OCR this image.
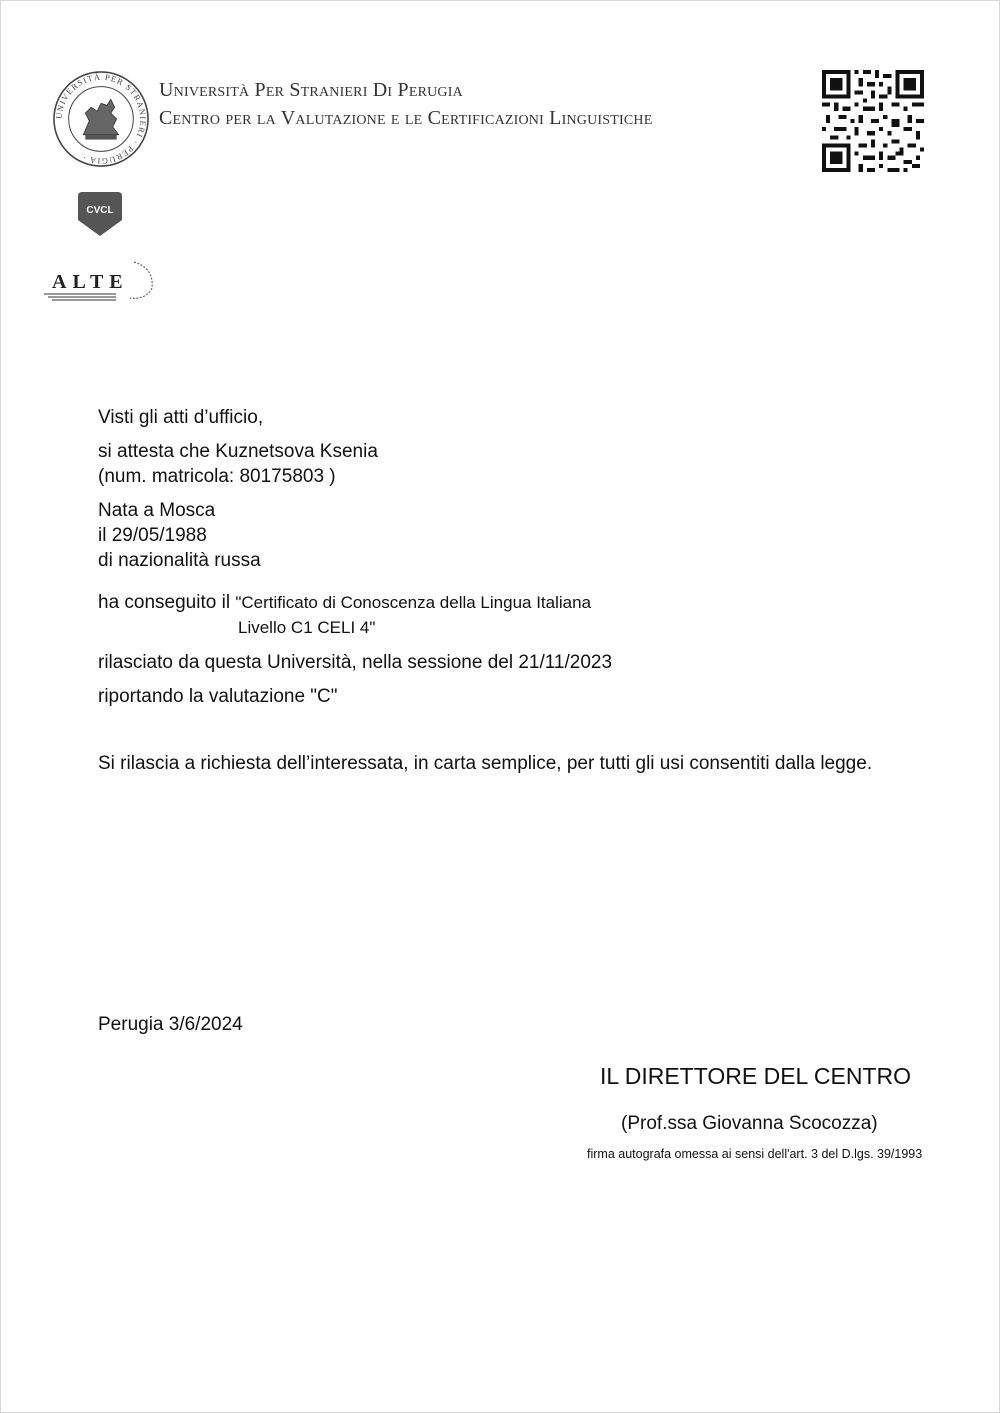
UNIVERSITÀ PER STRANIERI · PERUGIA ·
Università Per Stranieri Di Perugia
Centro per la Valutazione e le Certificazioni Linguistiche
CVCL
ALTE
Visti gli atti d’ufficio,
si attesta che Kuznetsova Ksenia
(num. matricola: 80175803 )
Nata a Mosca
il 29/05/1988
di nazionalità russa
ha conseguito il "Certificato di Conoscenza della Lingua Italiana
Livello C1 CELI 4"
rilasciato da questa Università, nella sessione del 21/11/2023
riportando la valutazione "C"
Si rilascia a richiesta dell’interessata, in carta semplice, per tutti gli usi consentiti dalla legge.
Perugia 3/6/2024
IL DIRETTORE DEL CENTRO
(Prof.ssa Giovanna Scocozza)
firma autografa omessa ai sensi dell'art. 3 del D.lgs. 39/1993
